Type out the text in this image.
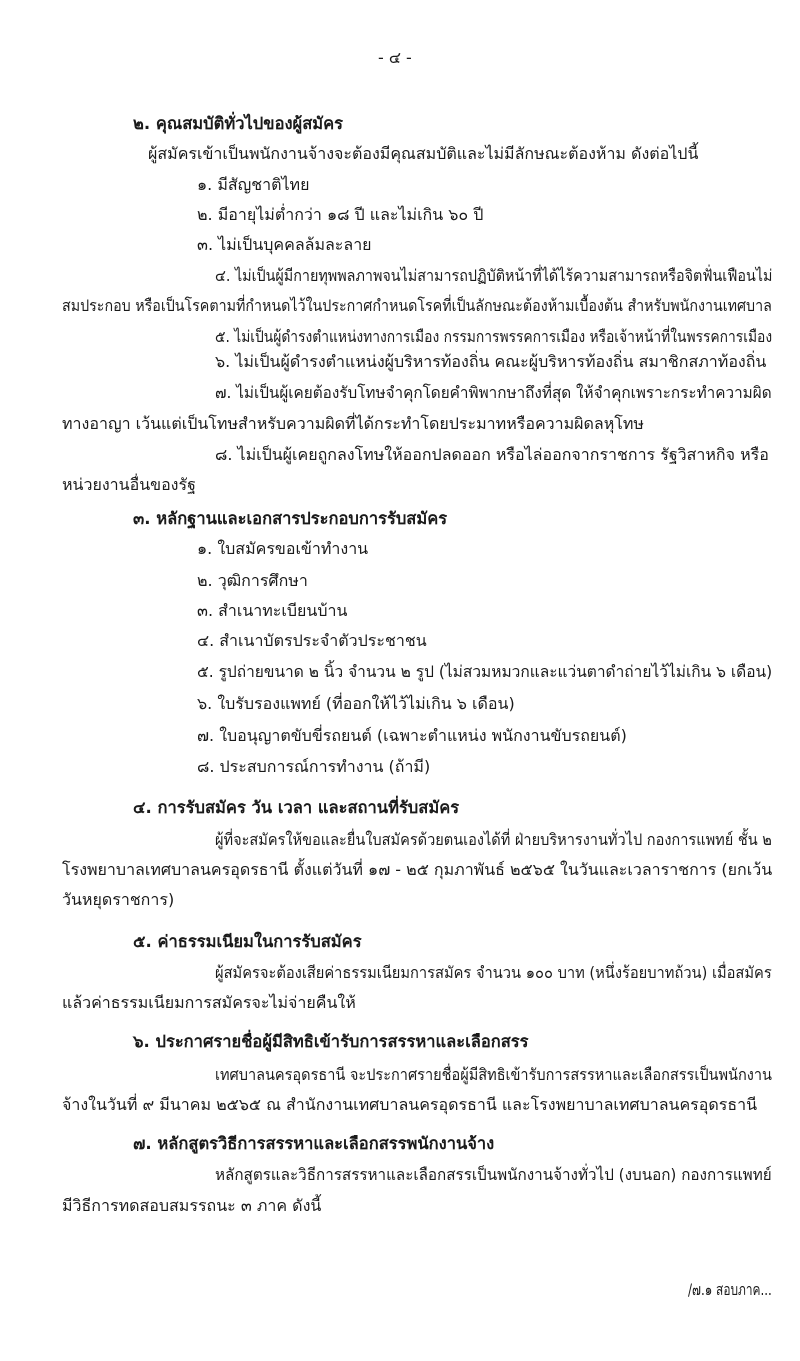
- ๔ -
๒. คุณสมบัติทั่วไปของผู้สมัคร
ผู้สมัครเข้าเป็นพนักงานจ้างจะต้องมีคุณสมบัติและไม่มีลักษณะต้องห้าม ดังต่อไปนี้
๑. มีสัญชาติไทย
๒. มีอายุไม่ต่ำกว่า ๑๘ ปี และไม่เกิน ๖๐ ปี
๓. ไม่เป็นบุคคลล้มละลาย
๔. ไม่เป็นผู้มีกายทุพพลภาพจนไม่สามารถปฏิบัติหน้าที่ได้ไร้ความสามารถหรือจิตฟั่นเฟือนไม่
สมประกอบ หรือเป็นโรคตามที่กำหนดไว้ในประกาศกำหนดโรคที่เป็นลักษณะต้องห้ามเบื้องต้น สำหรับพนักงานเทศบาล
๕. ไม่เป็นผู้ดำรงตำแหน่งทางการเมือง กรรมการพรรคการเมือง หรือเจ้าหน้าที่ในพรรคการเมือง
๖. ไม่เป็นผู้ดำรงตำแหน่งผู้บริหารท้องถิ่น คณะผู้บริหารท้องถิ่น สมาชิกสภาท้องถิ่น
๗. ไม่เป็นผู้เคยต้องรับโทษจำคุกโดยคำพิพากษาถึงที่สุด ให้จำคุกเพราะกระทำความผิด
ทางอาญา เว้นแต่เป็นโทษสำหรับความผิดที่ได้กระทำโดยประมาทหรือความผิดลหุโทษ
๘. ไม่เป็นผู้เคยถูกลงโทษให้ออกปลดออก หรือไล่ออกจากราชการ รัฐวิสาหกิจ หรือ
หน่วยงานอื่นของรัฐ
๓. หลักฐานและเอกสารประกอบการรับสมัคร
๑. ใบสมัครขอเข้าทำงาน
๒. วุฒิการศึกษา
๓. สำเนาทะเบียนบ้าน
๔. สำเนาบัตรประจำตัวประชาชน
๕. รูปถ่ายขนาด ๒ นิ้ว จำนวน ๒ รูป (ไม่สวมหมวกและแว่นตาดำถ่ายไว้ไม่เกิน ๖ เดือน)
๖. ใบรับรองแพทย์ (ที่ออกให้ไว้ไม่เกิน ๖ เดือน)
๗. ใบอนุญาตขับขี่รถยนต์ (เฉพาะตำแหน่ง พนักงานขับรถยนต์)
๘. ประสบการณ์การทำงาน (ถ้ามี)
๔. การรับสมัคร วัน เวลา และสถานที่รับสมัคร
ผู้ที่จะสมัครให้ขอและยื่นใบสมัครด้วยตนเองได้ที่ ฝ่ายบริหารงานทั่วไป กองการแพทย์ ชั้น ๒
โรงพยาบาลเทศบาลนครอุดรธานี ตั้งแต่วันที่ ๑๗ - ๒๕ กุมภาพันธ์ ๒๕๖๕ ในวันและเวลาราชการ (ยกเว้น
วันหยุดราชการ)
๕. ค่าธรรมเนียมในการรับสมัคร
ผู้สมัครจะต้องเสียค่าธรรมเนียมการสมัคร จำนวน ๑๐๐ บาท (หนึ่งร้อยบาทถ้วน) เมื่อสมัคร
แล้วค่าธรรมเนียมการสมัครจะไม่จ่ายคืนให้
๖. ประกาศรายชื่อผู้มีสิทธิเข้ารับการสรรหาและเลือกสรร
เทศบาลนครอุดรธานี จะประกาศรายชื่อผู้มีสิทธิเข้ารับการสรรหาและเลือกสรรเป็นพนักงาน
จ้างในวันที่ ๙ มีนาคม ๒๕๖๕ ณ สำนักงานเทศบาลนครอุดรธานี และโรงพยาบาลเทศบาลนครอุดรธานี
๗. หลักสูตรวิธีการสรรหาและเลือกสรรพนักงานจ้าง
หลักสูตรและวิธีการสรรหาและเลือกสรรเป็นพนักงานจ้างทั่วไป (งบนอก) กองการแพทย์
มีวิธีการทดสอบสมรรถนะ ๓ ภาค ดังนี้
/๗.๑ สอบภาค...
